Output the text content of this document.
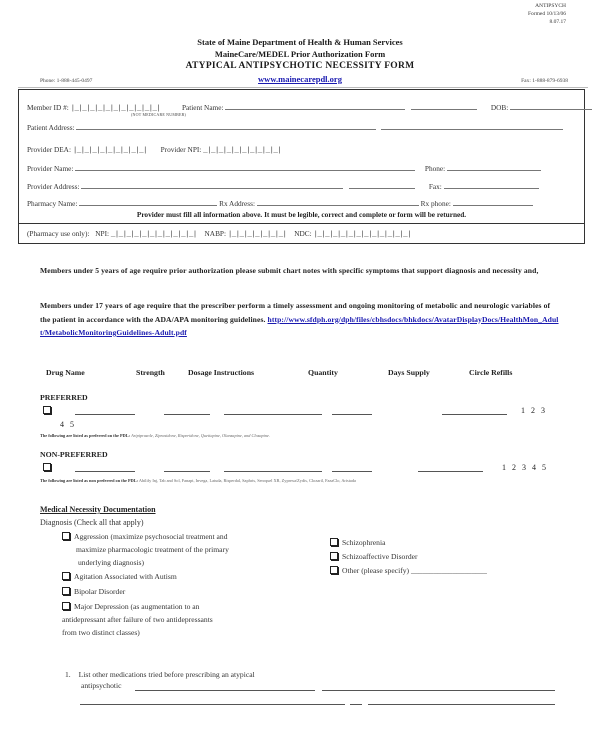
ANTIPSYCH
Formed 10/13/06
8.07.17
State of Maine Department of Health & Human Services
MaineCare/MEDEL Prior Authorization Form
ATYPICAL ANTIPSYCHOTIC NECESSITY FORM
www.mainecarepdl.org
Phone: 1-888-445-0497	Fax: 1-888-879-6938
Member ID #: |_|_|_|_|_|_|_|_|_|_|_|	Patient Name:	DOB:
(NOT MEDICARE NUMBER)
Patient Address:
Provider DEA: |_|_|_|_|_|_|_|_|_| Provider NPI: _|_|_|_|_|_|_|_|_|_|
Provider Name:	Phone:
Provider Address:	Fax:
Pharmacy Name:	Rx Address:	Rx phone:
Provider must fill all information above. It must be legible, correct and complete or form will be returned.
(Pharmacy use only): NPI: _|_|_|_|_|_|_|_|_|_|_| NABP: |_|_|_|_|_|_|_| NDC: |_|_|_|_|_|_|_|_|_|_|_|_|
Members under 5 years of age require prior authorization please submit chart notes with specific symptoms that support diagnosis and necessity and,
Members under 17 years of age require that the prescriber perform a timely assessment and ongoing monitoring of metabolic and neurologic variables of the patient in accordance with the ADA/APA monitoring guidelines. http://www.sfdph.org/dph/files/cbhsdocs/bhkdocs/AvatarDisplayDocs/HealthMon_Adult/MetabolicMonitoringGuidelines-Adult.pdf
Drug Name	Strength	Dosage Instructions	Quantity	Days Supply	Circle Refills
PREFERRED
1   2   3
4   5
The following are listed as preferred on the PDL: Aripiprazole, Ziprasidone, Risperidone, Quetiapine, Olanzapine, and Clozapine.
NON-PREFERRED
1   2   3   4   5
The following are listed as non preferred on the PDL: Abilify Inj, Tab and Sol, Fanapt, Invega, Latuda, Risperdal, Saphris, Seroquel XR, Zyprexa/Zydis, Clozaril, FazaClo, Aristada
Medical Necessity Documentation
Diagnosis (Check all that apply)
Aggression (maximize psychosocial treatment and
maximize pharmacologic treatment of the primary
underlying diagnosis)
Agitation Associated with Autism
Bipolar Disorder
Major Depression (as augmentation to an
antidepressant after failure of two antidepressants
from two distinct classes)
Schizophrenia
Schizoaffective Disorder
Other (please specify) ____________________
1. List other medications tried before prescribing an atypical
antipsychotic
